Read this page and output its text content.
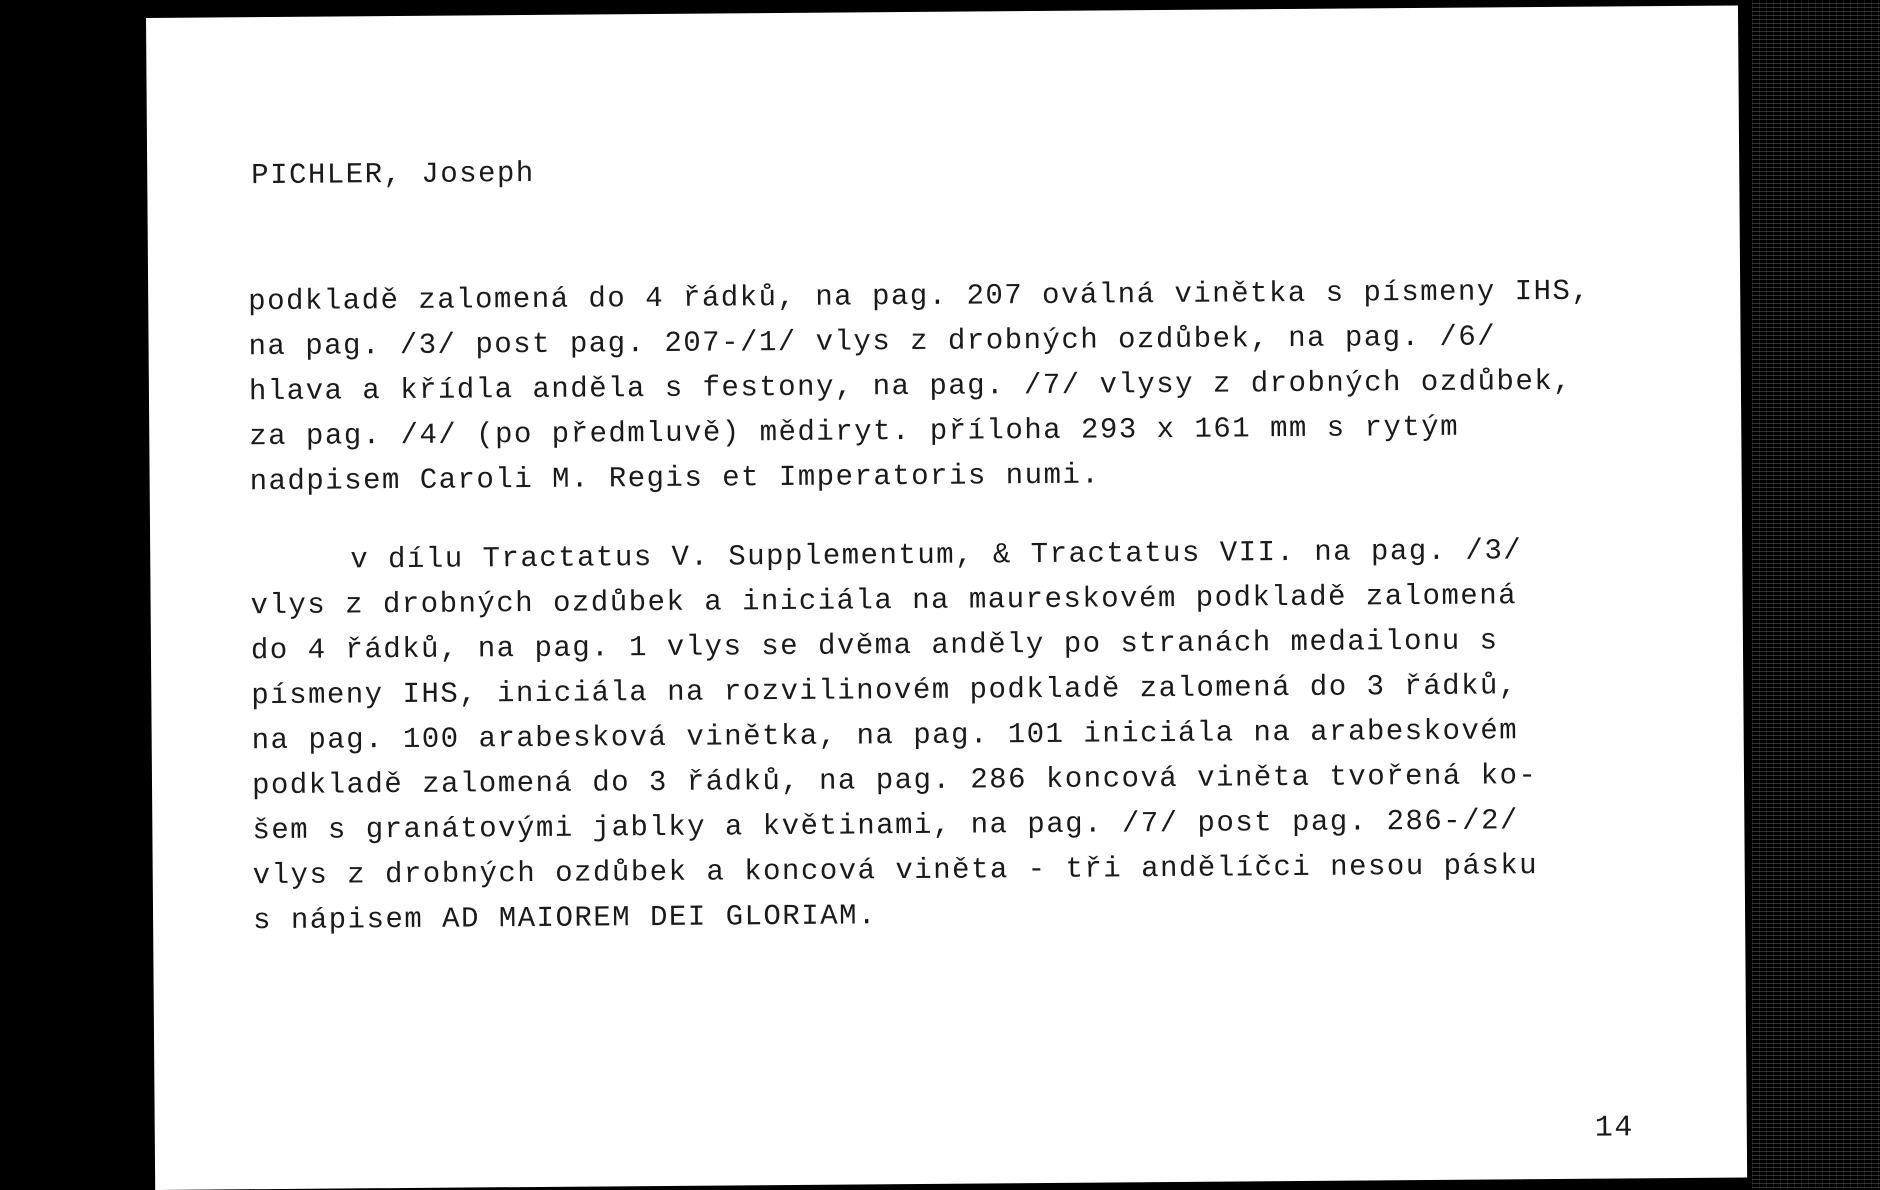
PICHLER, Joseph
podkladě zalomená do 4 řádků, na pag. 207 oválná vinětka s písmeny IHS,
na pag. /3/ post pag. 207-/1/ vlys z drobných ozdůbek, na pag. /6/
hlava a křídla anděla s festony, na pag. /7/ vlysy z drobných ozdůbek,
za pag. /4/ (po předmluvě) mědiryt. příloha 293 x 161 mm s rytým
nadpisem Caroli M. Regis et Imperatoris numi.
v dílu Tractatus V. Supplementum, & Tractatus VII. na pag. /3/
vlys z drobných ozdůbek a iniciála na maureskovém podkladě zalomená
do 4 řádků, na pag. 1 vlys se dvěma anděly po stranách medailonu s
písmeny IHS, iniciála na rozvilinovém podkladě zalomená do 3 řádků,
na pag. 100 arabesková vinětka, na pag. 101 iniciála na arabeskovém
podkladě zalomená do 3 řádků, na pag. 286 koncová viněta tvořená ko-
šem s granátovými jablky a květinami, na pag. /7/ post pag. 286-/2/
vlys z drobných ozdůbek a koncová viněta - tři andělíčci nesou pásku
s nápisem AD MAIOREM DEI GLORIAM.
14
